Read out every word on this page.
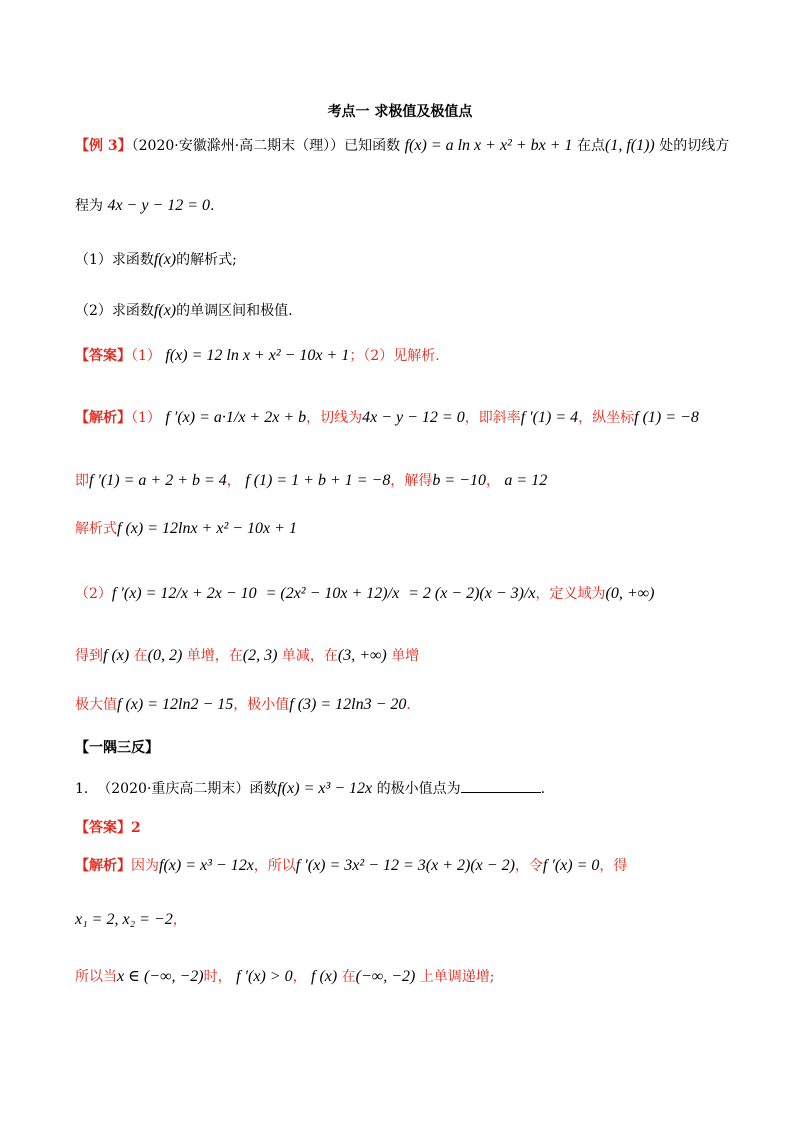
考点一 求极值及极值点
【例 3】（2020·安徽滁州·高二期末（理））已知函数 f(x) = a ln x + x² + bx + 1 在点(1, f(1)) 处的切线方
程为 4x − y − 12 = 0.
（1）求函数f(x)的解析式;
（2）求函数f(x)的单调区间和极值.
【答案】（1） f(x) = 12 ln x + x² − 10x + 1；（2）见解析.
【解析】（1） f ′(x) = a·1/x + 2x + b，切线为4x − y − 12 = 0，即斜率f ′(1) = 4，纵坐标f (1) = −8
即f ′(1) = a + 2 + b = 4， f (1) = 1 + b + 1 = −8，解得b = −10， a = 12
解析式f (x) = 12lnx + x² − 10x + 1
（2）f ′(x) = 12/x + 2x − 10 = (2x² − 10x + 12)/x = 2 (x − 2)(x − 3)/x，定义域为(0, +∞)
得到f (x) 在(0, 2) 单增，在(2, 3) 单减，在(3, +∞) 单增
极大值f (x) = 12ln2 − 15，极小值f (3) = 12ln3 − 20.
【一隅三反】
1. （2020·重庆高二期末）函数f(x) = x³ − 12x 的极小值点为	.
【答案】2
【解析】因为f(x) = x³ − 12x，所以f ′(x) = 3x² − 12 = 3(x + 2)(x − 2)，令f ′(x) = 0，得
x₁ = 2, x₂ = −2，
所以当x ∈ (−∞, −2)时， f ′(x) > 0， f (x) 在(−∞, −2) 上单调递增;
